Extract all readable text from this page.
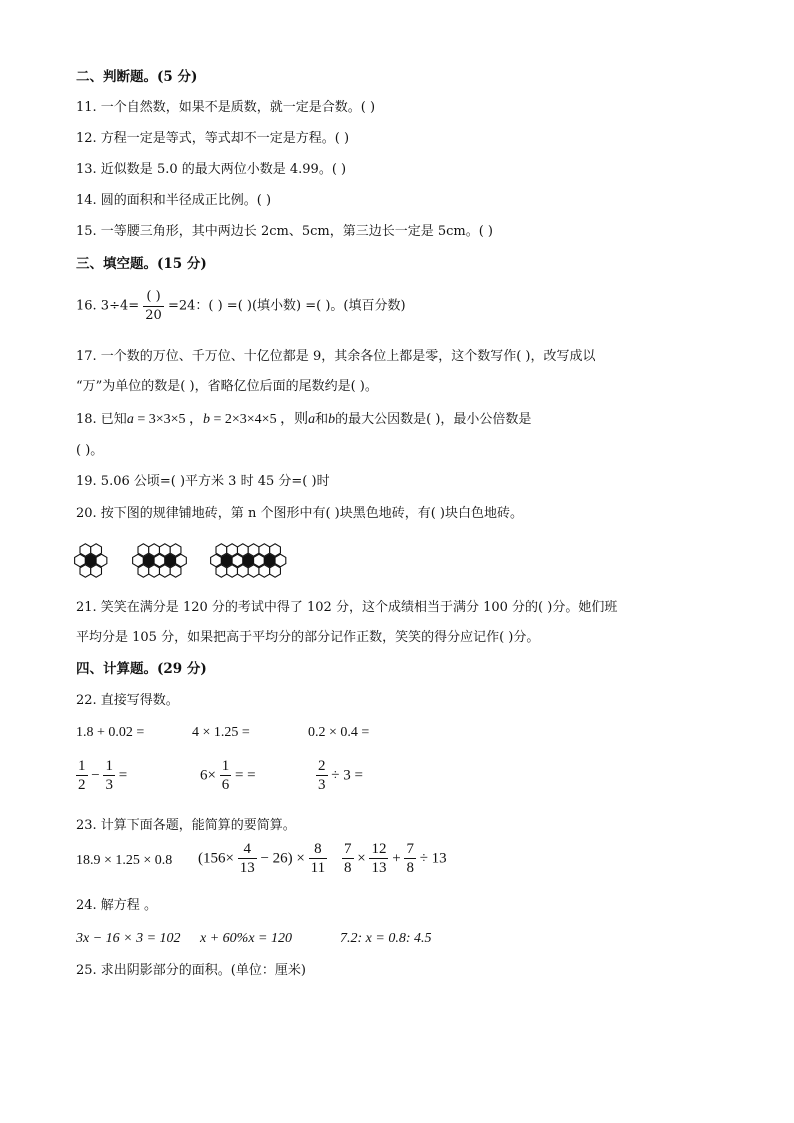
二、判断题。(5 分)
11. 一个自然数，如果不是质数，就一定是合数。( )
12. 方程一定是等式，等式却不一定是方程。( )
13. 近似数是 5.0 的最大两位小数是 4.99。( )
14. 圆的面积和半径成正比例。( )
15. 一等腰三角形，其中两边长 2cm、5cm，第三边长一定是 5cm。( )
三、填空题。(15 分)
16. $3\div 4= \frac{( )}{20} =24$：( ) =( )(填小数) =( )。(填百分数)
17. 一个数的万位、千万位、十亿位都是 9，其余各位上都是零，这个数写作( )，改写成以
“万”为单位的数是( )，省略亿位后面的尾数约是( )。
18. 已知a = 3×3×5 ，b = 2×3×4×5 ，则a和b的最大公因数是( )，最小公倍数是
( )。
19. 5.06 公顷=( )平方米 3 时 45 分=( )时
20. 按下图的规律铺地砖，第 n 个图形中有( )块黑色地砖，有( )块白色地砖。
21. 笑笑在满分是 120 分的考试中得了 102 分，这个成绩相当于满分 100 分的( )分。她们班
平均分是 105 分，如果把高于平均分的部分记作正数，笑笑的得分应记作( )分。
四、计算题。(29 分)
22. 直接写得数。
1.8 + 0.02 =	4 × 1.25 =	0.2 × 0.4 =
$\frac{1}{2} - \frac{1}{3}$ =	$6\times \frac{1}{6}$ = =	$\frac{2}{3} \div 3$ =
23. 计算下面各题，能简算的要简算。
18.9 × 1.25 × 0.8 $(156\times \frac{4}{13} - 26) \times \frac{8}{11} \frac{7}{8} \times \frac{12}{13} + \frac{7}{8} \div 13$
24. 解方程 。
3x − 16 × 3 = 102 x + 60%x = 120	7.2: x = 0.8: 4.5
25. 求出阴影部分的面积。(单位：厘米)
